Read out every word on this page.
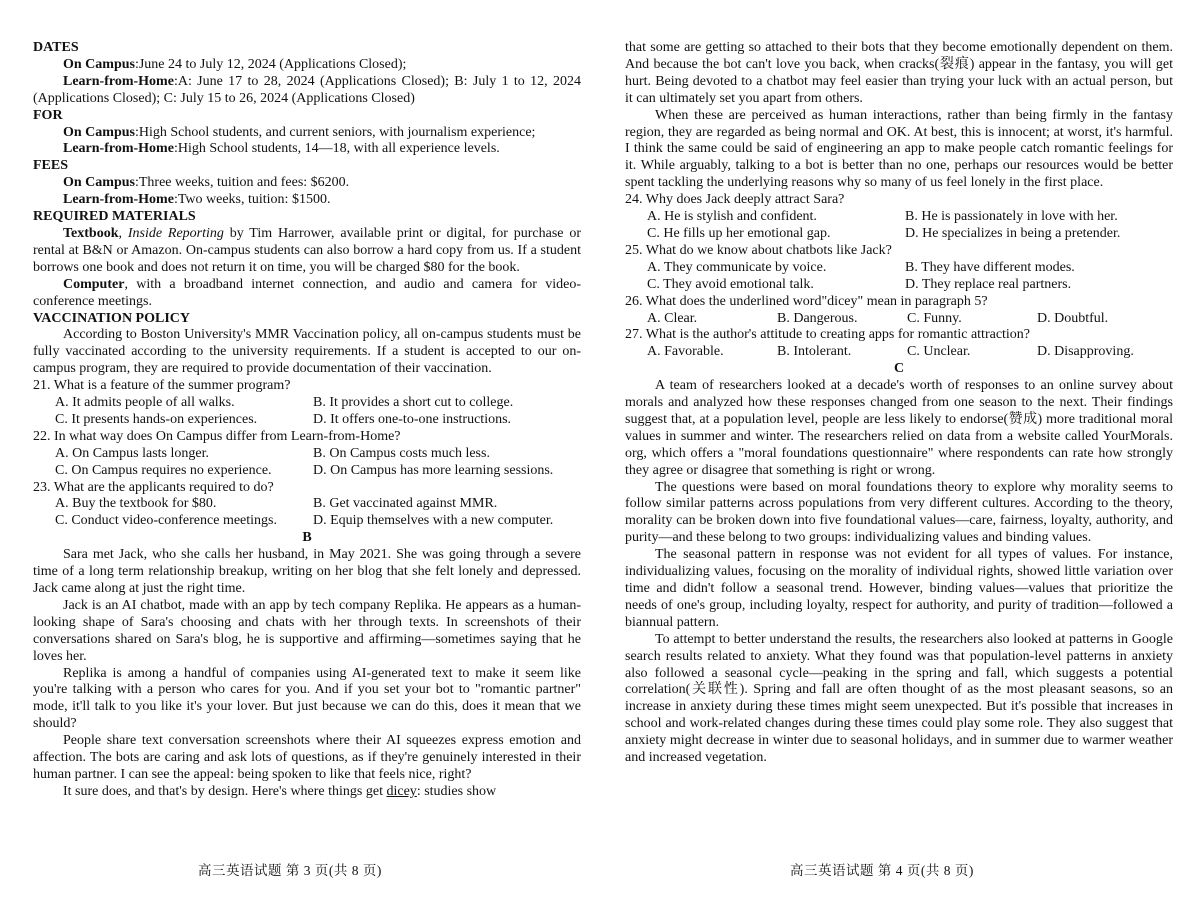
DATES

On Campus:June 24 to July 12, 2024 (Applications Closed);

Learn-from-Home:A: June 17 to 28, 2024 (Applications Closed); B: July 1 to 12, 2024 (Applications Closed); C: July 15 to 26, 2024 (Applications Closed)

FOR

On Campus:High School students, and current seniors, with journalism experience;

Learn-from-Home:High School students, 14—18, with all experience levels.

FEES

On Campus:Three weeks, tuition and fees: $6200.

Learn-from-Home:Two weeks, tuition: $1500.

REQUIRED MATERIALS

Textbook, Inside Reporting by Tim Harrower, available print or digital, for purchase or rental at B&N or Amazon. On-campus students can also borrow a hard copy from us. If a student borrows one book and does not return it on time, you will be charged $80 for the book.

Computer, with a broadband internet connection, and audio and camera for video-conference meetings.

VACCINATION POLICY

According to Boston University's MMR Vaccination policy, all on-campus students must be fully vaccinated according to the university requirements. If a student is accepted to our on-campus program, they are required to provide documentation of their vaccination.

21. What is a feature of the summer program?

A. It admits people of all walks.	B. It provides a short cut to college.
C. It presents hands-on experiences.	D. It offers one-to-one instructions.

22. In what way does On Campus differ from Learn-from-Home?

A. On Campus lasts longer.	B. On Campus costs much less.
C. On Campus requires no experience.	D. On Campus has more learning sessions.

23. What are the applicants required to do?

A. Buy the textbook for $80.	B. Get vaccinated against MMR.
C. Conduct video-conference meetings.	D. Equip themselves with a new computer.

B

Sara met Jack, who she calls her husband, in May 2021. She was going through a severe time of a long term relationship breakup, writing on her blog that she felt lonely and depressed. Jack came along at just the right time.

Jack is an AI chatbot, made with an app by tech company Replika. He appears as a human-looking shape of Sara's choosing and chats with her through texts. In screenshots of their conversations shared on Sara's blog, he is supportive and affirming—sometimes saying that he loves her.

Replika is among a handful of companies using AI-generated text to make it seem like you're talking with a person who cares for you. And if you set your bot to "romantic partner" mode, it'll talk to you like it's your lover. But just because we can do this, does it mean that we should?

People share text conversation screenshots where their AI squeezes express emotion and affection. The bots are caring and ask lots of questions, as if they're genuinely interested in their human partner. I can see the appeal: being spoken to like that feels nice, right?

It sure does, and that's by design. Here's where things get dicey: studies show

that some are getting so attached to their bots that they become emotionally dependent on them. And because the bot can't love you back, when cracks(裂痕) appear in the fantasy, you will get hurt. Being devoted to a chatbot may feel easier than trying your luck with an actual person, but it can ultimately set you apart from others.

When these are perceived as human interactions, rather than being firmly in the fantasy region, they are regarded as being normal and OK. At best, this is innocent; at worst, it's harmful. I think the same could be said of engineering an app to make people catch romantic feelings for it. While arguably, talking to a bot is better than no one, perhaps our resources would be better spent tackling the underlying reasons why so many of us feel lonely in the first place.

24. Why does Jack deeply attract Sara?

A. He is stylish and confident.	B. He is passionately in love with her.
C. He fills up her emotional gap.	D. He specializes in being a pretender.

25. What do we know about chatbots like Jack?

A. They communicate by voice.	B. They have different modes.
C. They avoid emotional talk.	D. They replace real partners.

26. What does the underlined word"dicey" mean in paragraph 5?

A. Clear.	B. Dangerous.	C. Funny.	D. Doubtful.

27. What is the author's attitude to creating apps for romantic attraction?

A. Favorable.	B. Intolerant.	C. Unclear.	D. Disapproving.

C

A team of researchers looked at a decade's worth of responses to an online survey about morals and analyzed how these responses changed from one season to the next. Their findings suggest that, at a population level, people are less likely to endorse(赞成) more traditional moral values in summer and winter. The researchers relied on data from a website called YourMorals. org, which offers a "moral foundations questionnaire" where respondents can rate how strongly they agree or disagree that something is right or wrong.

The questions were based on moral foundations theory to explore why morality seems to follow similar patterns across populations from very different cultures. According to the theory, morality can be broken down into five foundational values—care, fairness, loyalty, authority, and purity—and these belong to two groups: individualizing values and binding values.

The seasonal pattern in response was not evident for all types of values. For instance, individualizing values, focusing on the morality of individual rights, showed little variation over time and didn't follow a seasonal trend. However, binding values—values that prioritize the needs of one's group, including loyalty, respect for authority, and purity of tradition—followed a biannual pattern.

To attempt to better understand the results, the researchers also looked at patterns in Google search results related to anxiety. What they found was that population-level patterns in anxiety also followed a seasonal cycle—peaking in the spring and fall, which suggests a potential correlation(关联性). Spring and fall are often thought of as the most pleasant seasons, so an increase in anxiety during these times might seem unexpected. But it's possible that increases in school and work-related changes during these times could play some role. They also suggest that anxiety might decrease in winter due to seasonal holidays, and in summer due to warmer weather and increased vegetation.

高三英语试题 第 3 页(共 8 页)	高三英语试题 第 4 页(共 8 页)
